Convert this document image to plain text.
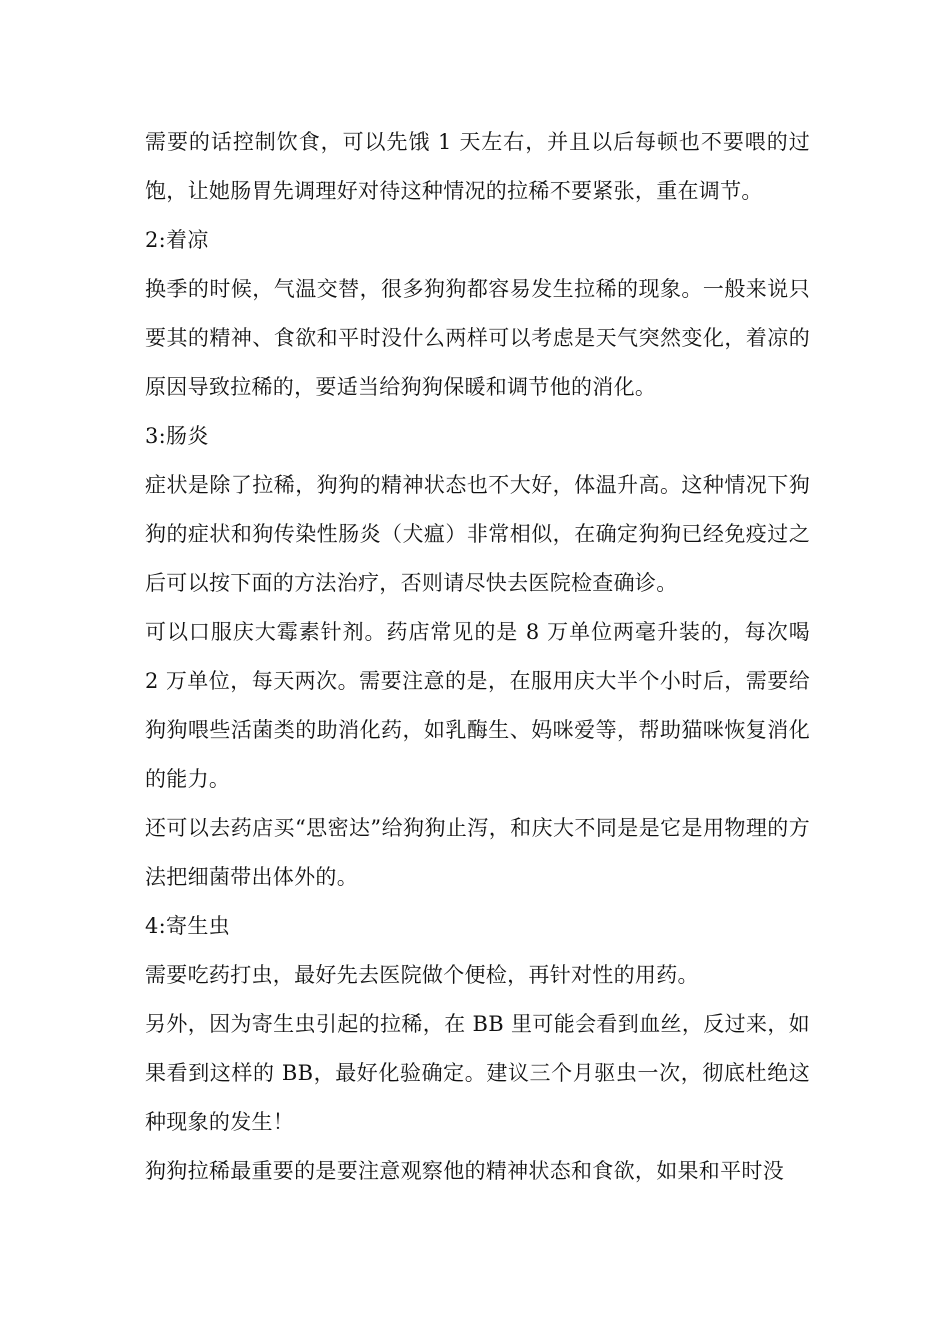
需要的话控制饮食，可以先饿 1 天左右，并且以后每顿也不要喂的过饱，让她肠胃先调理好对待这种情况的拉稀不要紧张，重在调节。

2:着凉

换季的时候，气温交替，很多狗狗都容易发生拉稀的现象。一般来说只要其的精神、食欲和平时没什么两样可以考虑是天气突然变化，着凉的原因导致拉稀的，要适当给狗狗保暖和调节他的消化。

3:肠炎

症状是除了拉稀，狗狗的精神状态也不大好，体温升高。这种情况下狗狗的症状和狗传染性肠炎（犬瘟）非常相似，在确定狗狗已经免疫过之后可以按下面的方法治疗，否则请尽快去医院检查确诊。

可以口服庆大霉素针剂。药店常见的是 8 万单位两毫升装的，每次喝 2 万单位，每天两次。需要注意的是，在服用庆大半个小时后，需要给狗狗喂些活菌类的助消化药，如乳酶生、妈咪爱等，帮助猫咪恢复消化的能力。

还可以去药店买“思密达”给狗狗止泻，和庆大不同是是它是用物理的方法把细菌带出体外的。

4:寄生虫

需要吃药打虫，最好先去医院做个便检，再针对性的用药。

另外，因为寄生虫引起的拉稀，在 BB 里可能会看到血丝，反过来，如果看到这样的 BB，最好化验确定。建议三个月驱虫一次，彻底杜绝这种现象的发生！

狗狗拉稀最重要的是要注意观察他的精神状态和食欲，如果和平时没
